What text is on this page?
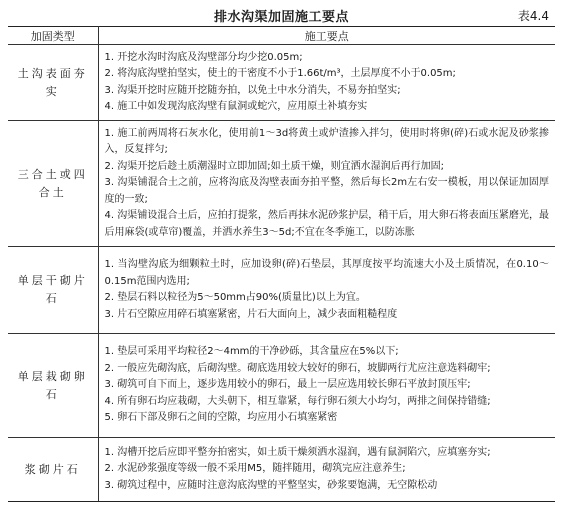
排水沟渠加固施工要点	表4.4
加固类型	施工要点
土沟表面夯实	1. 开挖水沟时沟底及沟壁部分均少挖0.05m;
2. 将沟底沟壁拍坚实，使土的干密度不小于1.66t/m³，土层厚度不小于0.05m;
3. 沟渠开挖时应随开挖随夯拍，以免土中水分消失，不易夯拍坚实;
4. 施工中如发现沟底沟壁有鼠洞或蛇穴，应用原土补填夯实

三合土或四合土	1. 施工前两周将石灰水化，使用前1～3d将黄土或炉渣掺入拌匀，使用时将卵(碎)石或水泥及砂浆掺入，反复拌匀;
2. 沟渠开挖后趁土质潮湿时立即加固;如土质干燥，则宜洒水湿润后再行加固;
3. 沟渠铺混合土之前，应将沟底及沟壁表面夯拍平整，然后每长2m左右安一模板，用以保证加固厚度的一致;
4. 沟渠铺设混合土后，应拍打提浆，然后再抹水泥砂浆护层，稍干后，用大卵石将表面压紧磨光，最后用麻袋(或草帘)覆盖，并洒水养生3～5d;不宜在冬季施工，以防冻胀

单层干砌片石	1. 当沟壁沟底为细颗粒土时，应加设卵(碎)石垫层，其厚度按平均流速大小及土质情况，在0.10～0.15m范围内选用;
2. 垫层石料以粒径为5～50mm占90%(质量比)以上为宜。
3. 片石空隙应用碎石填塞紧密，片石大面向上，减少表面粗糙程度

单层栽砌卵石	1. 垫层可采用平均粒径2～4mm的干净砂砾，其含量应在5%以下;
2. 一般应先砌沟底，后砌沟壁。砌底选用较大较好的卵石，坡脚两行尤应注意选料砌牢;
3. 砌筑可自下而上，逐步选用较小的卵石，最上一层应选用较长卵石平放封顶压牢;
4. 所有卵石均应栽砌，大头朝下，相互靠紧，每行卵石须大小均匀，两排之间保持错缝;
5. 卵石下部及卵石之间的空隙，均应用小石填塞紧密

浆砌片石	1. 沟槽开挖后应即平整夯拍密实，如土质干燥须洒水湿润，遇有鼠洞陷穴，应填塞夯实;
2. 水泥砂浆强度等级一般不采用M5，随拌随用，砌筑完应注意养生;
3. 砌筑过程中，应随时注意沟底沟壁的平整坚实，砂浆要饱满，无空隙松动
